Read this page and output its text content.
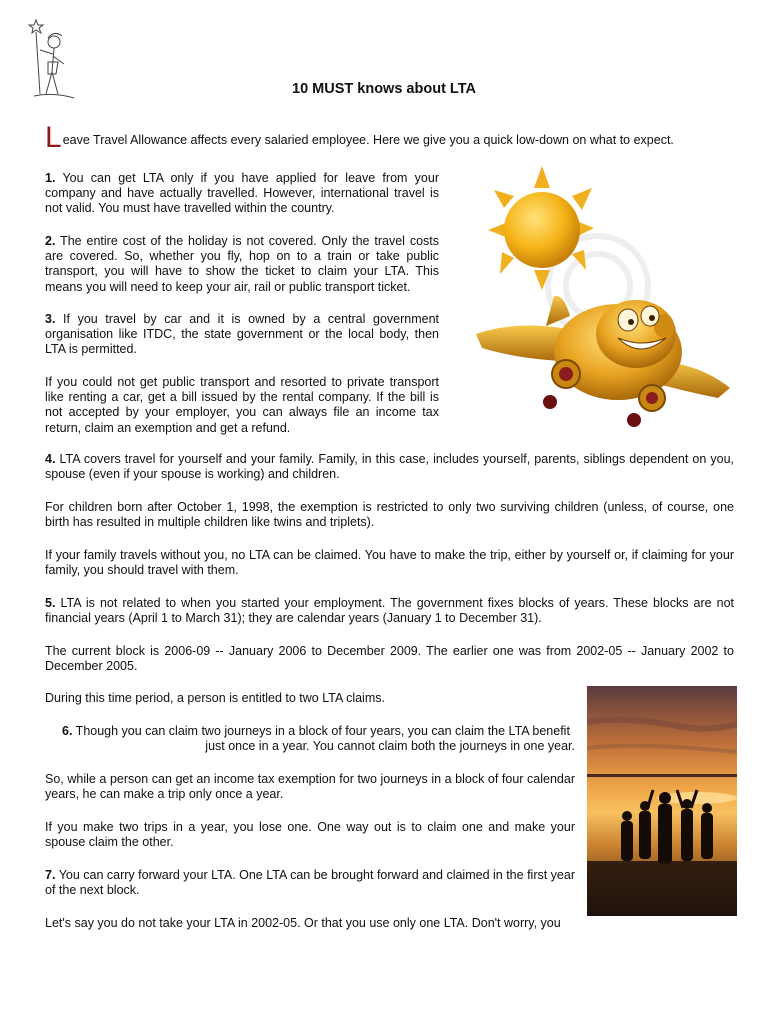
10 MUST knows about LTA
Leave Travel Allowance affects every salaried employee. Here we give you a quick low-down on what to expect.

1. You can get LTA only if you have applied for leave from your company and have actually travelled. However, international travel is not valid. You must have travelled within the country.

2. The entire cost of the holiday is not covered. Only the travel costs are covered. So, whether you fly, hop on to a train or take public transport, you will have to show the ticket to claim your LTA. This means you will need to keep your air, rail or public transport ticket.

3. If you travel by car and it is owned by a central government organisation like ITDC, the state government or the local body, then LTA is permitted.

If you could not get public transport and resorted to private transport like renting a car, get a bill issued by the rental company. If the bill is not accepted by your employer, you can always file an income tax return, claim an exemption and get a refund.

4. LTA covers travel for yourself and your family. Family, in this case, includes yourself, parents, siblings dependent on you, spouse (even if your spouse is working) and children.

For children born after October 1, 1998, the exemption is restricted to only two surviving children (unless, of course, one birth has resulted in multiple children like twins and triplets).

If your family travels without you, no LTA can be claimed. You have to make the trip, either by yourself or, if claiming for your family, you should travel with them.

5. LTA is not related to when you started your employment. The government fixes blocks of years. These blocks are not financial years (April 1 to March 31); they are calendar years (January 1 to December 31).

The current block is 2006-09 -- January 2006 to December 2009. The earlier one was from 2002-05 -- January 2002 to December 2005.

During this time period, a person is entitled to two LTA claims.

6. Though you can claim two journeys in a block of four years, you can claim the LTA benefit

just once in a year. You cannot claim both the journeys in one year.

So, while a person can get an income tax exemption for two journeys in a block of four calendar years, he can make a trip only once a year.

If you make two trips in a year, you lose one. One way out is to claim one and make your spouse claim the other.

7. You can carry forward your LTA. One LTA can be brought forward and claimed in the first year of the next block.

Let's say you do not take your LTA in 2002-05. Or that you use only one LTA. Don't worry, you
